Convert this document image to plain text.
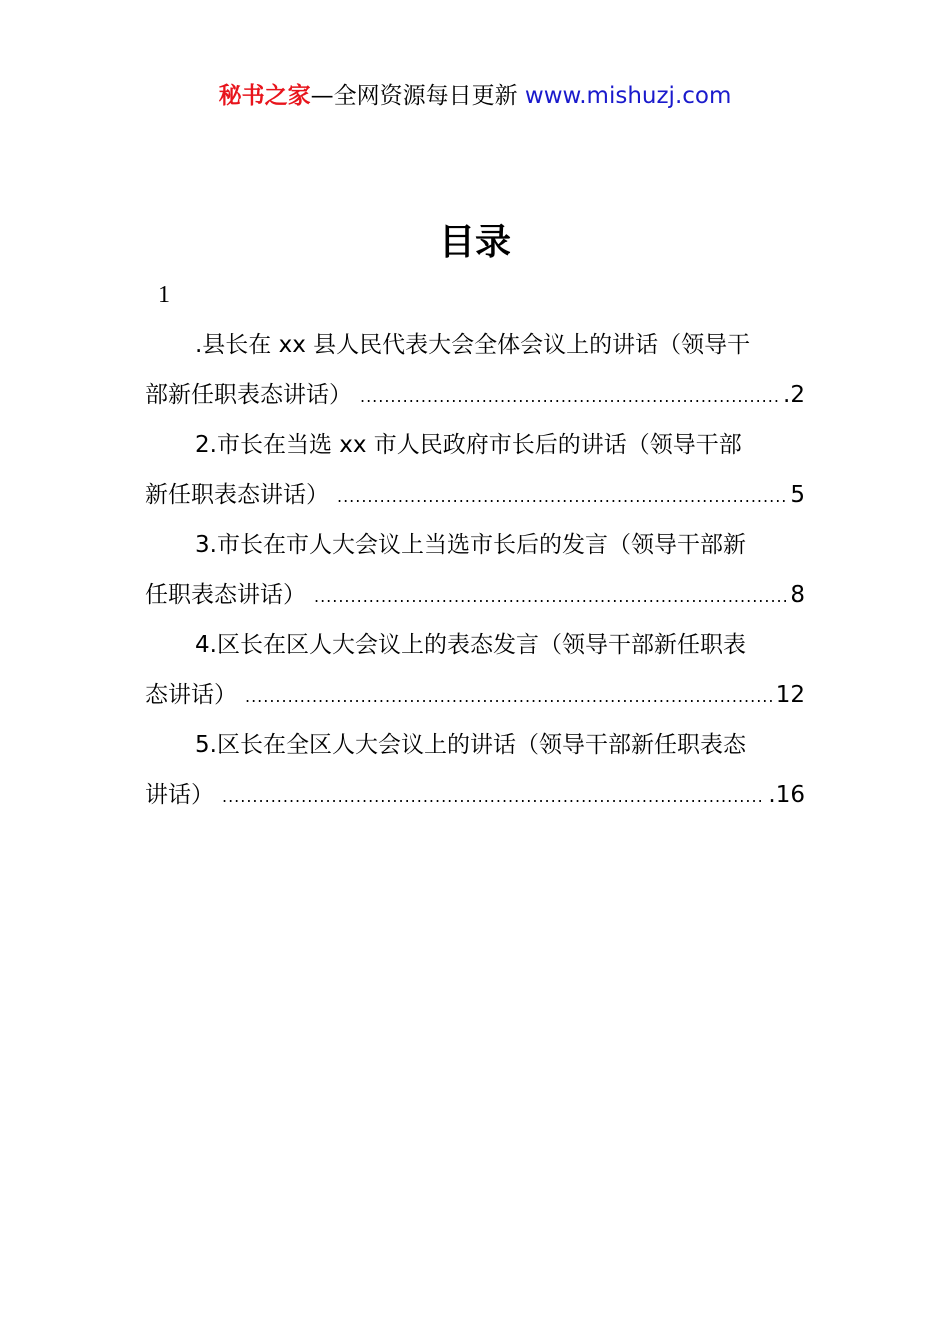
秘书之家—全网资源每日更新 www.mishuzj.com
目录
1
.县长在 xx 县人民代表大会全体会议上的讲话（领导干
部新任职表态讲话） .....	.2
2.市长在当选 xx 市人民政府市长后的讲话（领导干部
新任职表态讲话） .....	5
3.市长在市人大会议上当选市长后的发言（领导干部新
任职表态讲话） .....	8
4.区长在区人大会议上的表态发言（领导干部新任职表
态讲话） .....	12
5.区长在全区人大会议上的讲话（领导干部新任职表态
讲话） .....	.16
